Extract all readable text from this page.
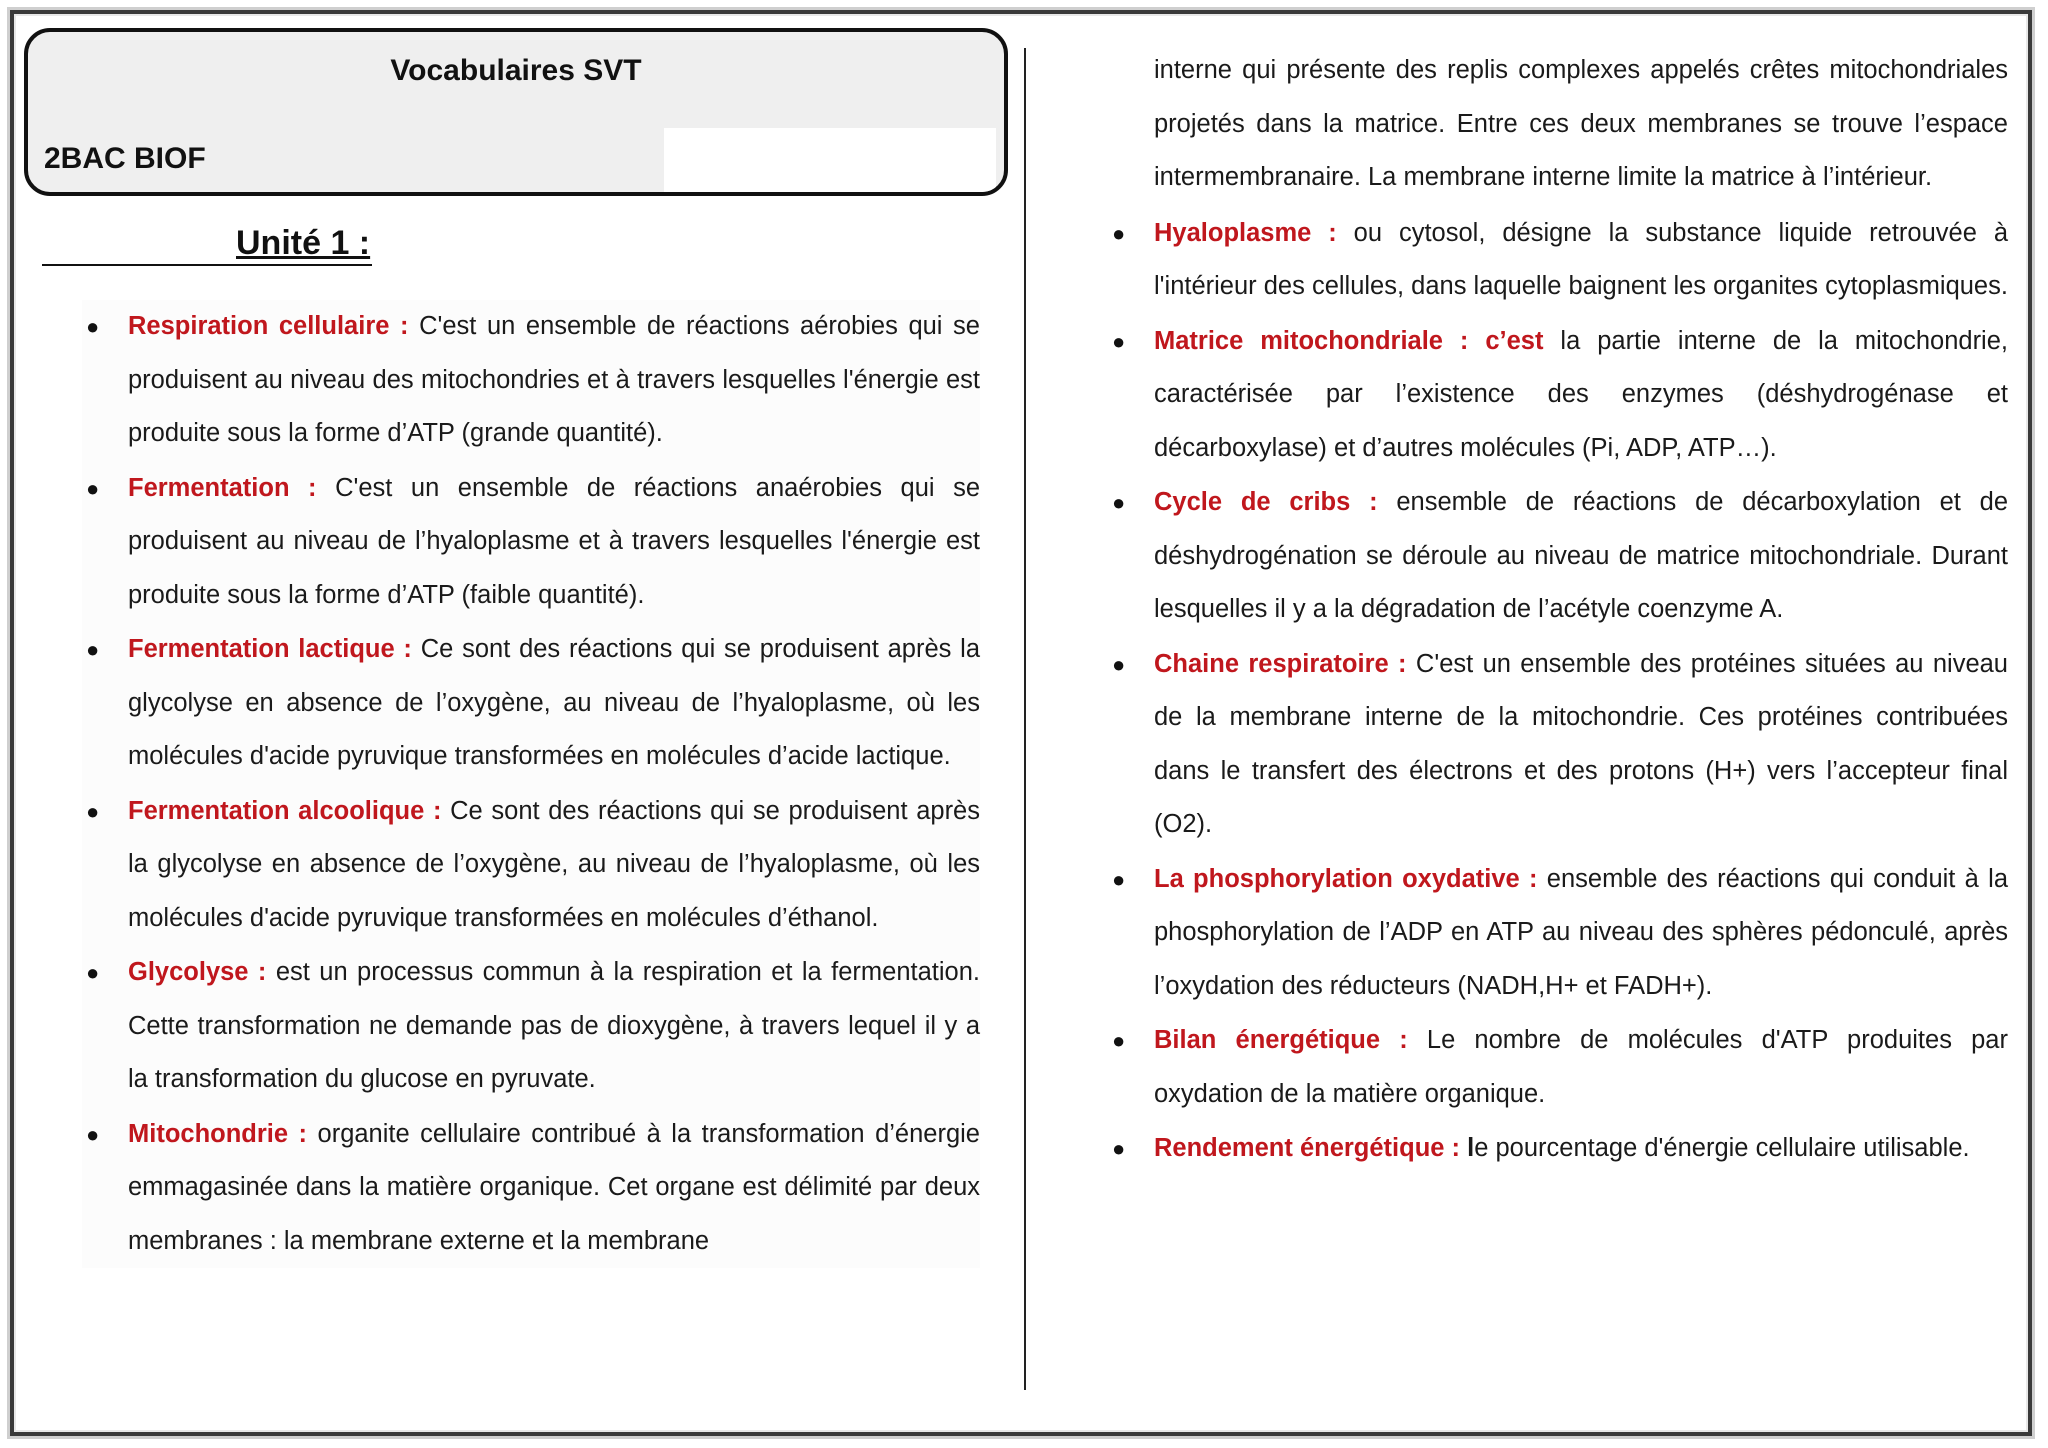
Vocabulaires SVT
2BAC BIOF
Unité 1 :
● Respiration cellulaire : C'est un ensemble de réactions aérobies qui se produisent au niveau des mitochondries et à travers lesquelles l'énergie est produite sous la forme d’ATP (grande quantité).
● Fermentation : C'est un ensemble de réactions anaérobies qui se produisent au niveau de l’hyaloplasme et à travers lesquelles l'énergie est produite sous la forme d’ATP (faible quantité).
● Fermentation lactique : Ce sont des réactions qui se produisent après la glycolyse en absence de l’oxygène, au niveau de l’hyaloplasme, où les molécules d'acide pyruvique transformées en molécules d’acide lactique.
● Fermentation alcoolique : Ce sont des réactions qui se produisent après la glycolyse en absence de l’oxygène, au niveau de l’hyaloplasme, où les molécules d'acide pyruvique transformées en molécules d’éthanol.
● Glycolyse : est un processus commun à la respiration et la fermentation. Cette transformation ne demande pas de dioxygène, à travers lequel il y a la transformation du glucose en pyruvate.
● Mitochondrie : organite cellulaire contribué à la transformation d’énergie emmagasinée dans la matière organique. Cet organe est délimité par deux membranes : la membrane externe et la membrane
interne qui présente des replis complexes appelés crêtes mitochondriales projetés dans la matrice. Entre ces deux membranes se trouve l’espace intermembranaire. La membrane interne limite la matrice à l’intérieur.
● Hyaloplasme : ou cytosol, désigne la substance liquide retrouvée à l'intérieur des cellules, dans laquelle baignent les organites cytoplasmiques.
● Matrice mitochondriale : c’est la partie interne de la mitochondrie, caractérisée par l’existence des enzymes (déshydrogénase et décarboxylase) et d’autres molécules (Pi, ADP, ATP…).
● Cycle de cribs : ensemble de réactions de décarboxylation et de déshydrogénation se déroule au niveau de matrice mitochondriale. Durant lesquelles il y a la dégradation de l’acétyle coenzyme A.
● Chaine respiratoire : C'est un ensemble des protéines situées au niveau de la membrane interne de la mitochondrie. Ces protéines contribuées dans le transfert des électrons et des protons (H+) vers l’accepteur final (O2).
● La phosphorylation oxydative : ensemble des réactions qui conduit à la phosphorylation de l’ADP en ATP au niveau des sphères pédonculé, après l’oxydation des réducteurs (NADH,H+ et FADH+).
● Bilan énergétique : Le nombre de molécules d'ATP produites par oxydation de la matière organique.
● Rendement énergétique : le pourcentage d'énergie cellulaire utilisable.
